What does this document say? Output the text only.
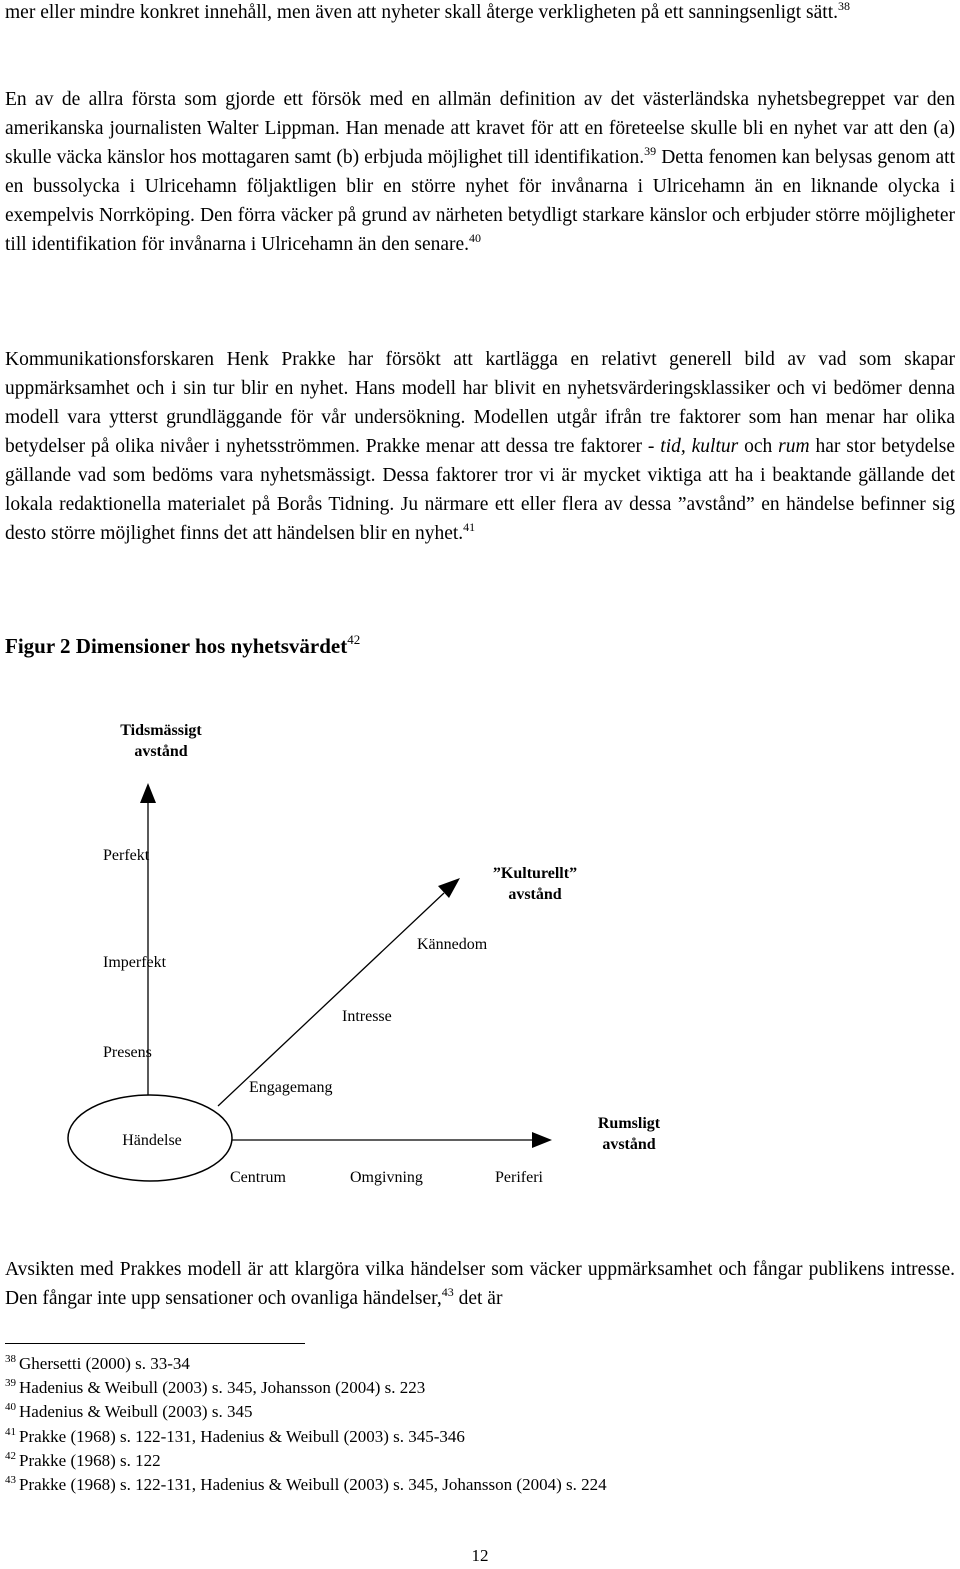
mer eller mindre konkret innehåll, men även att nyheter skall återge verkligheten på ett sanningsenligt sätt.$^{38}$

En av de allra första som gjorde ett försök med en allmän definition av det västerländska nyhetsbegreppet var den amerikanska journalisten Walter Lippman. Han menade att kravet för att en företeelse skulle bli en nyhet var att den (a) skulle väcka känslor hos mottagaren samt (b) erbjuda möjlighet till identifikation.$^{39}$ Detta fenomen kan belysas genom att en bussolycka i Ulricehamn följaktligen blir en större nyhet för invånarna i Ulricehamn än en liknande olycka i exempelvis Norrköping. Den förra väcker på grund av närheten betydligt starkare känslor och erbjuder större möjligheter till identifikation för invånarna i Ulricehamn än den senare.$^{40}$

Kommunikationsforskaren Henk Prakke har försökt att kartlägga en relativt generell bild av vad som skapar uppmärksamhet och i sin tur blir en nyhet. Hans modell har blivit en nyhetsvärderingsklassiker och vi bedömer denna modell vara ytterst grundläggande för vår undersökning. Modellen utgår ifrån tre faktorer som han menar har olika betydelser på olika nivåer i nyhetsströmmen. Prakke menar att dessa tre faktorer - tid, kultur och rum har stor betydelse gällande vad som bedöms vara nyhetsmässigt. Dessa faktorer tror vi är mycket viktiga att ha i beaktande gällande det lokala redaktionella materialet på Borås Tidning. Ju närmare ett eller flera av dessa ”avstånd” en händelse befinner sig desto större möjlighet finns det att händelsen blir en nyhet.$^{41}$

Figur 2 Dimensioner hos nyhetsvärdet$^{42}$

Tidsmässigt
avstånd
Perfekt
Imperfekt
Presens
Händelse
”Kulturellt”
avstånd
Kännedom
Intresse
Engagemang
Rumsligt
avstånd
Centrum	Omgivning	Periferi

Avsikten med Prakkes modell är att klargöra vilka händelser som väcker uppmärksamhet och fångar publikens intresse. Den fångar inte upp sensationer och ovanliga händelser,$^{43}$ det är

$^{38}$ Ghersetti (2000) s. 33-34

$^{39}$ Hadenius & Weibull (2003) s. 345, Johansson (2004) s. 223

$^{40}$ Hadenius & Weibull (2003) s. 345

$^{41}$ Prakke (1968) s. 122-131, Hadenius & Weibull (2003) s. 345-346

$^{42}$ Prakke (1968) s. 122

$^{43}$ Prakke (1968) s. 122-131, Hadenius & Weibull (2003) s. 345, Johansson (2004) s. 224

12
